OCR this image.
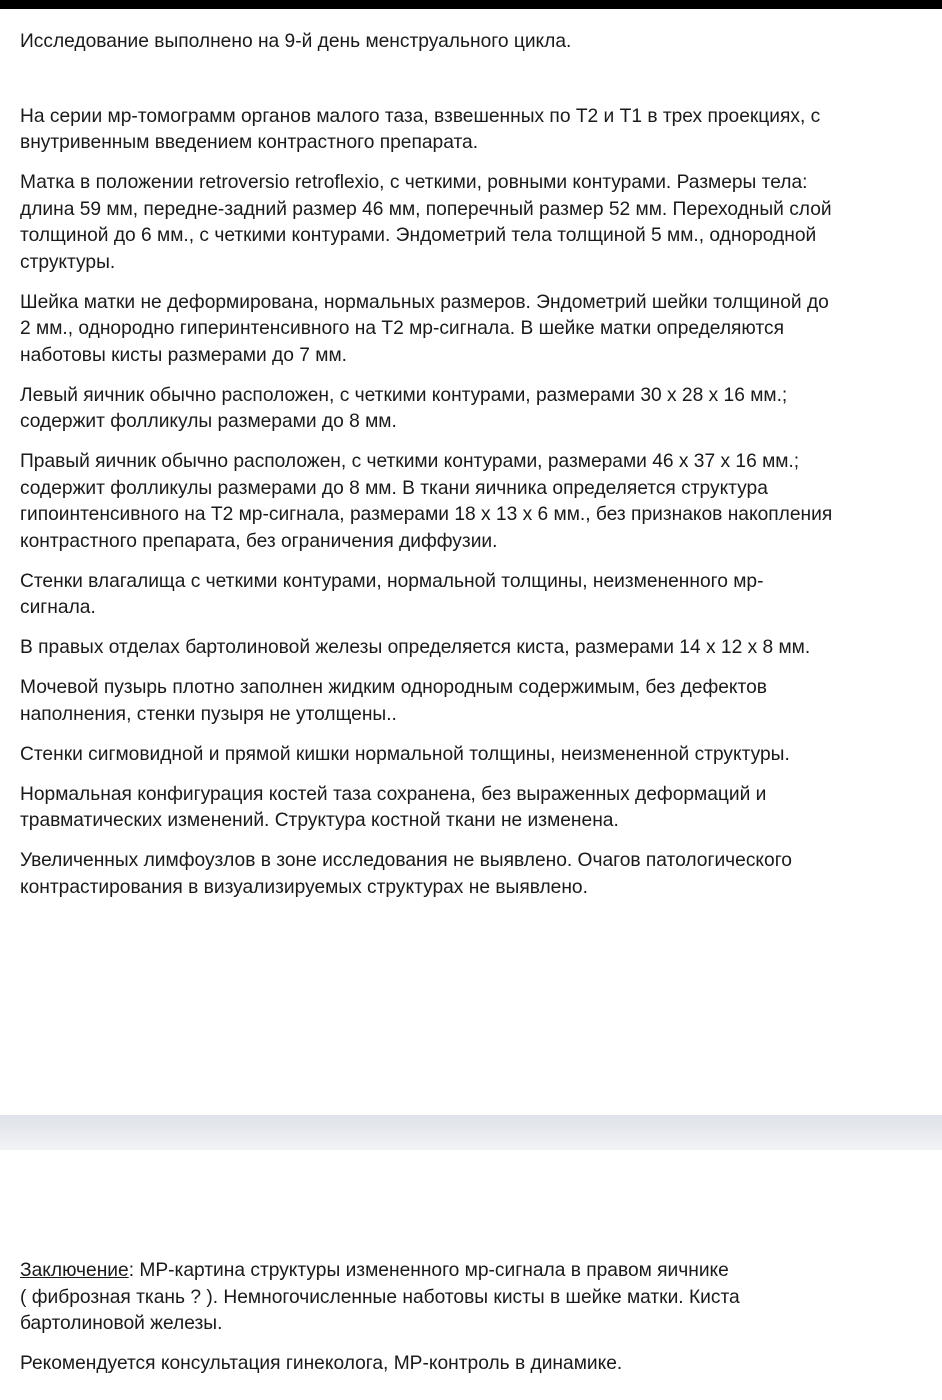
Исследование выполнено на 9-й день менструального цикла.

На серии мр-томограмм органов малого таза, взвешенных по Т2 и Т1 в трех проекциях, с
внутривенным введением контрастного препарата.

Матка в положении retroversio retroflexio, с четкими, ровными контурами. Размеры тела:
длина 59 мм, передне-задний размер 46 мм, поперечный размер 52 мм. Переходный слой
толщиной до 6 мм., с четкими контурами. Эндометрий тела толщиной 5 мм., однородной
структуры.

Шейка матки не деформирована, нормальных размеров. Эндометрий шейки толщиной до
2 мм., однородно гиперинтенсивного на Т2 мр-сигнала. В шейке матки определяются
наботовы кисты размерами до 7 мм.

Левый яичник обычно расположен, с четкими контурами, размерами 30 х 28 х 16 мм.;
содержит фолликулы размерами до 8 мм.

Правый яичник обычно расположен, с четкими контурами, размерами 46 х 37 х 16 мм.;
содержит фолликулы размерами до 8 мм. В ткани яичника определяется структура
гипоинтенсивного на Т2 мр-сигнала, размерами 18 х 13 х 6 мм., без признаков накопления
контрастного препарата, без ограничения диффузии.

Стенки влагалища с четкими контурами, нормальной толщины, неизмененного мр-
сигнала.

В правых отделах бартолиновой железы определяется киста, размерами 14 х 12 х 8 мм.

Мочевой пузырь плотно заполнен жидким однородным содержимым, без дефектов
наполнения, стенки пузыря не утолщены..

Стенки сигмовидной и прямой кишки нормальной толщины, неизмененной структуры.

Нормальная конфигурация костей таза сохранена, без выраженных деформаций и
травматических изменений. Структура костной ткани не изменена.

Увеличенных лимфоузлов в зоне исследования не выявлено. Очагов патологического
контрастирования в визуализируемых структурах не выявлено.

Заключение: МР-картина структуры измененного мр-сигнала в правом яичнике
( фиброзная ткань ? ). Немногочисленные наботовы кисты в шейке матки. Киста
бартолиновой железы.

Рекомендуется консультация гинеколога, МР-контроль в динамике.
